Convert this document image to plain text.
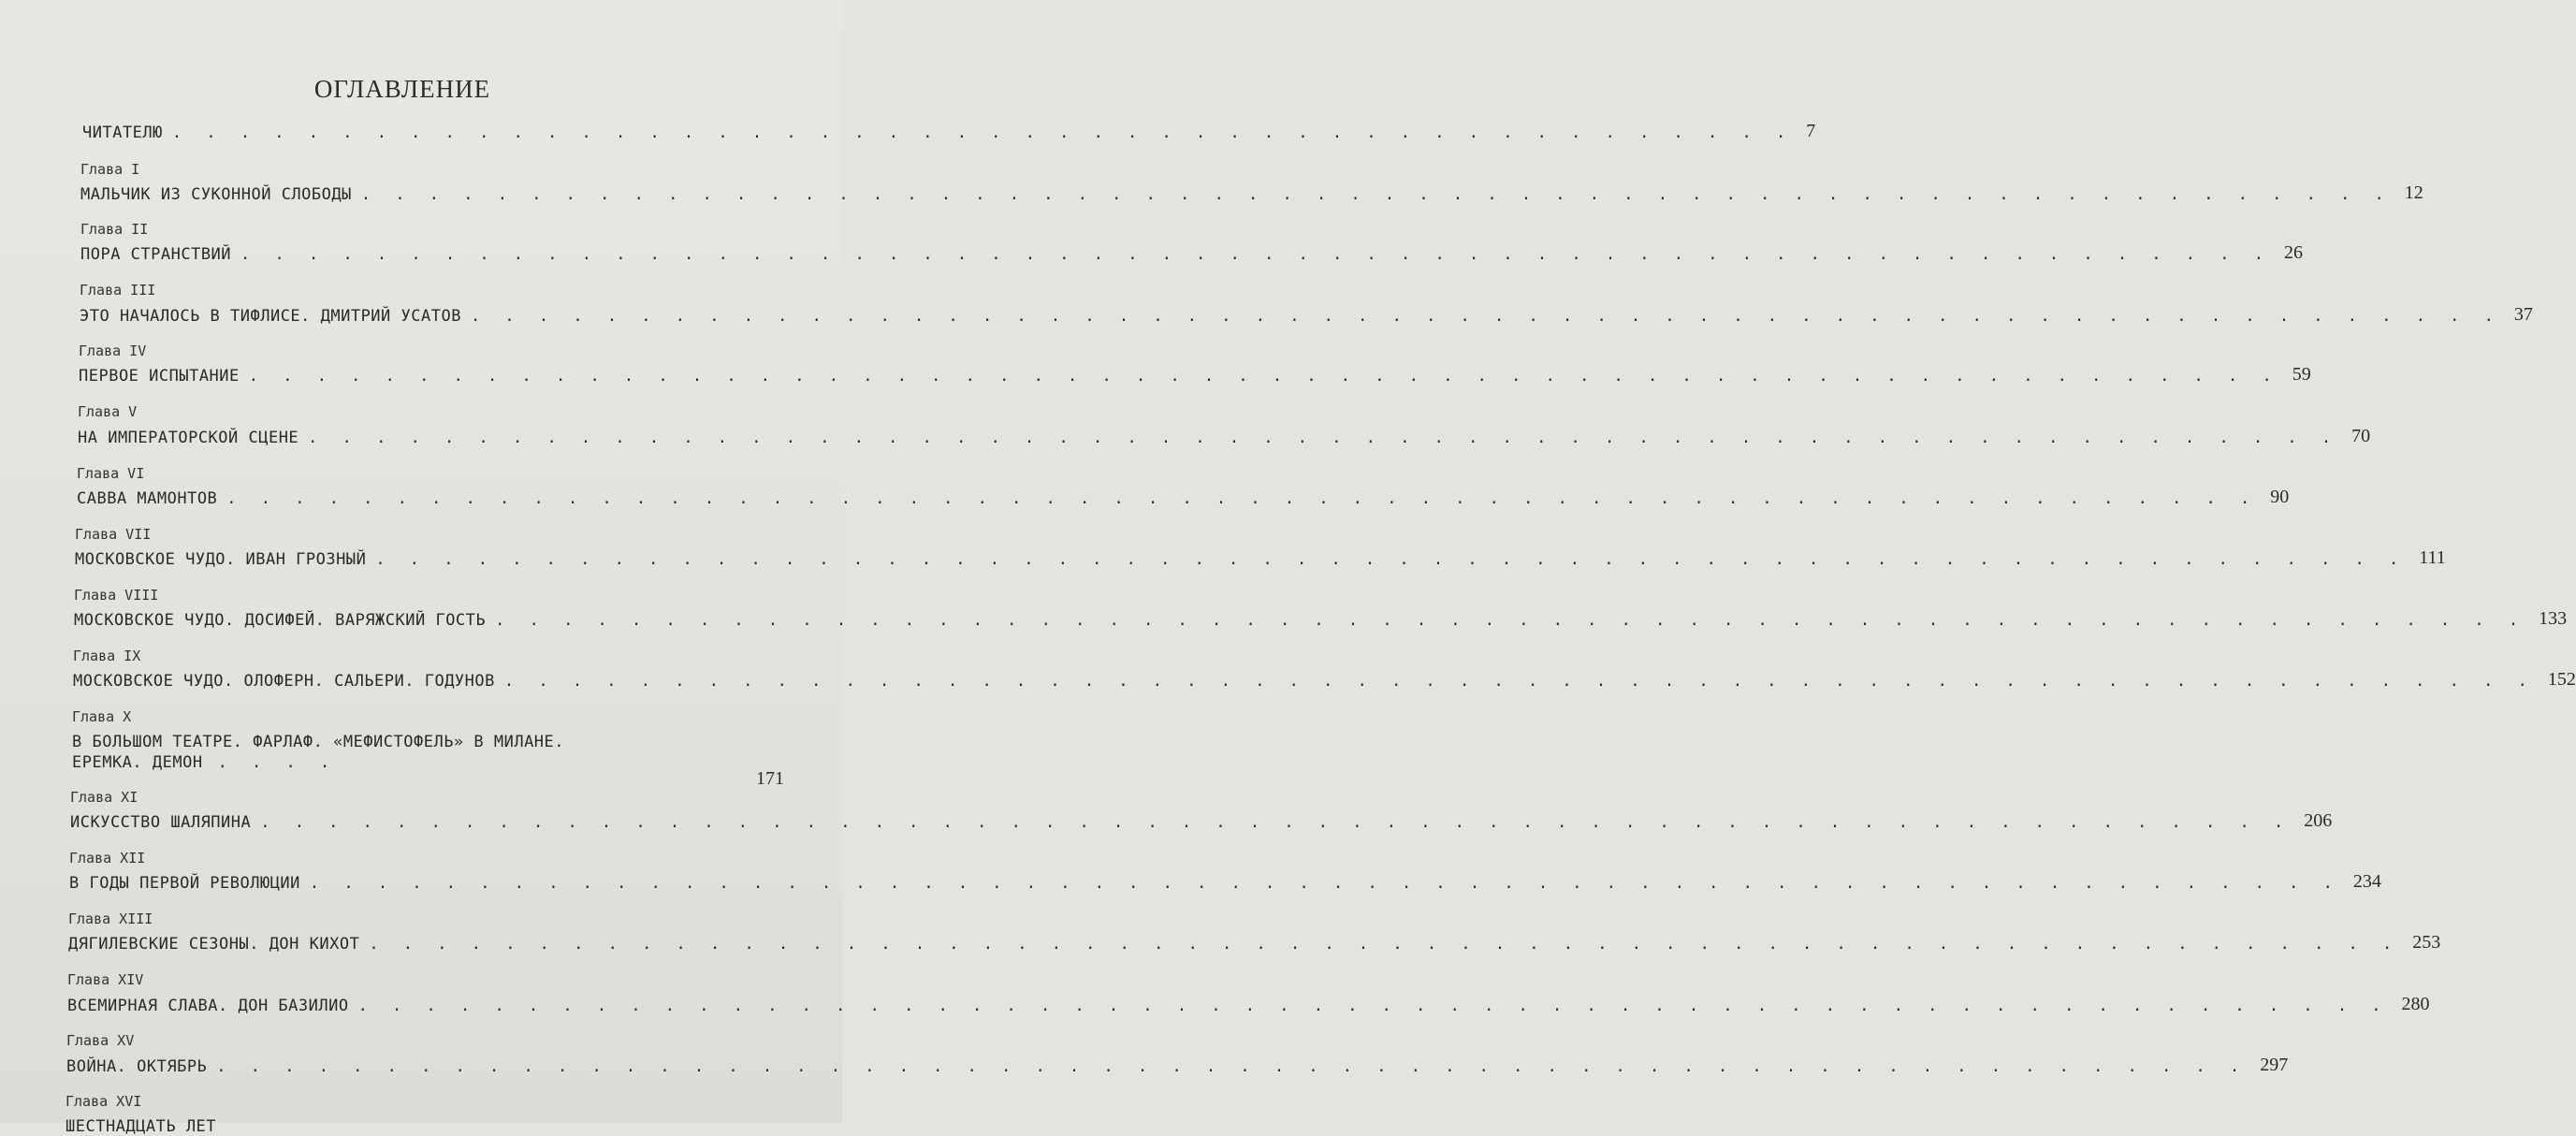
ОГЛАВЛЕНИЕ
ЧИТАТЕЛЮ . . . . . . . . . . . . . . . . . . . . . . . . . . . . . . . . . . . . . . . . . . . . . . . . 7
Глава I
МАЛЬЧИК ИЗ СУКОННОЙ СЛОБОДЫ . . . . . . . . . . . . . . . . . . . . . . . . . . . . . . . . . . . . . . . . . . . . . . . . . . . . . . . . . . . . 12
Глава II
ПОРА СТРАНСТВИЙ . . . . . . . . . . . . . . . . . . . . . . . . . . . . . . . . . . . . . . . . . . . . . . . . . . . . . . . . . . . . 26
Глава III
ЭТО НАЧАЛОСЬ В ТИФЛИСЕ. ДМИТРИЙ УСАТОВ . . . . . . . . . . . . . . . . . . . . . . . . . . . . . . . . . . . . . . . . . . . . . . . . . . . . . . . . . . . . 37
Глава IV
ПЕРВОЕ ИСПЫТАНИЕ . . . . . . . . . . . . . . . . . . . . . . . . . . . . . . . . . . . . . . . . . . . . . . . . . . . . . . . . . . . . 59
Глава V
НА ИМПЕРАТОРСКОЙ СЦЕНЕ . . . . . . . . . . . . . . . . . . . . . . . . . . . . . . . . . . . . . . . . . . . . . . . . . . . . . . . . . . . . 70
Глава VI
САВВА МАМОНТОВ . . . . . . . . . . . . . . . . . . . . . . . . . . . . . . . . . . . . . . . . . . . . . . . . . . . . . . . . . . . . 90
Глава VII
МОСКОВСКОЕ ЧУДО. ИВАН ГРОЗНЫЙ . . . . . . . . . . . . . . . . . . . . . . . . . . . . . . . . . . . . . . . . . . . . . . . . . . . . . . . . . . . . 111
Глава VIII
МОСКОВСКОЕ ЧУДО. ДОСИФЕЙ. ВАРЯЖСКИЙ ГОСТЬ . . . . . . . . . . . . . . . . . . . . . . . . . . . . . . . . . . . . . . . . . . . . . . . . . . . . . . . . . . . . 133
Глава IX
МОСКОВСКОЕ ЧУДО. ОЛОФЕРН. САЛЬЕРИ. ГОДУНОВ . . . . . . . . . . . . . . . . . . . . . . . . . . . . . . . . . . . . . . . . . . . . . . . . . . . . . . . . . . . . 152
Глава X
В БОЛЬШОМ ТЕАТРЕ. ФАРЛАФ. «МЕФИСТОФЕЛЬ» В МИЛАНЕ.
ЕРЕМКА. ДЕМОН . . . .
171
Глава XI
ИСКУССТВО ШАЛЯПИНА . . . . . . . . . . . . . . . . . . . . . . . . . . . . . . . . . . . . . . . . . . . . . . . . . . . . . . . . . . . . 206
Глава XII
В ГОДЫ ПЕРВОЙ РЕВОЛЮЦИИ . . . . . . . . . . . . . . . . . . . . . . . . . . . . . . . . . . . . . . . . . . . . . . . . . . . . . . . . . . . . 234
Глава XIII
ДЯГИЛЕВСКИЕ СЕЗОНЫ. ДОН КИХОТ . . . . . . . . . . . . . . . . . . . . . . . . . . . . . . . . . . . . . . . . . . . . . . . . . . . . . . . . . . . . 253
Глава XIV
ВСЕМИРНАЯ СЛАВА. ДОН БАЗИЛИО . . . . . . . . . . . . . . . . . . . . . . . . . . . . . . . . . . . . . . . . . . . . . . . . . . . . . . . . . . . . 280
Глава XV
ВОЙНА. ОКТЯБРЬ . . . . . . . . . . . . . . . . . . . . . . . . . . . . . . . . . . . . . . . . . . . . . . . . . . . . . . . . . . . . 297
Глава XVI
ШЕСТНАДЦАТЬ ЛЕТ
